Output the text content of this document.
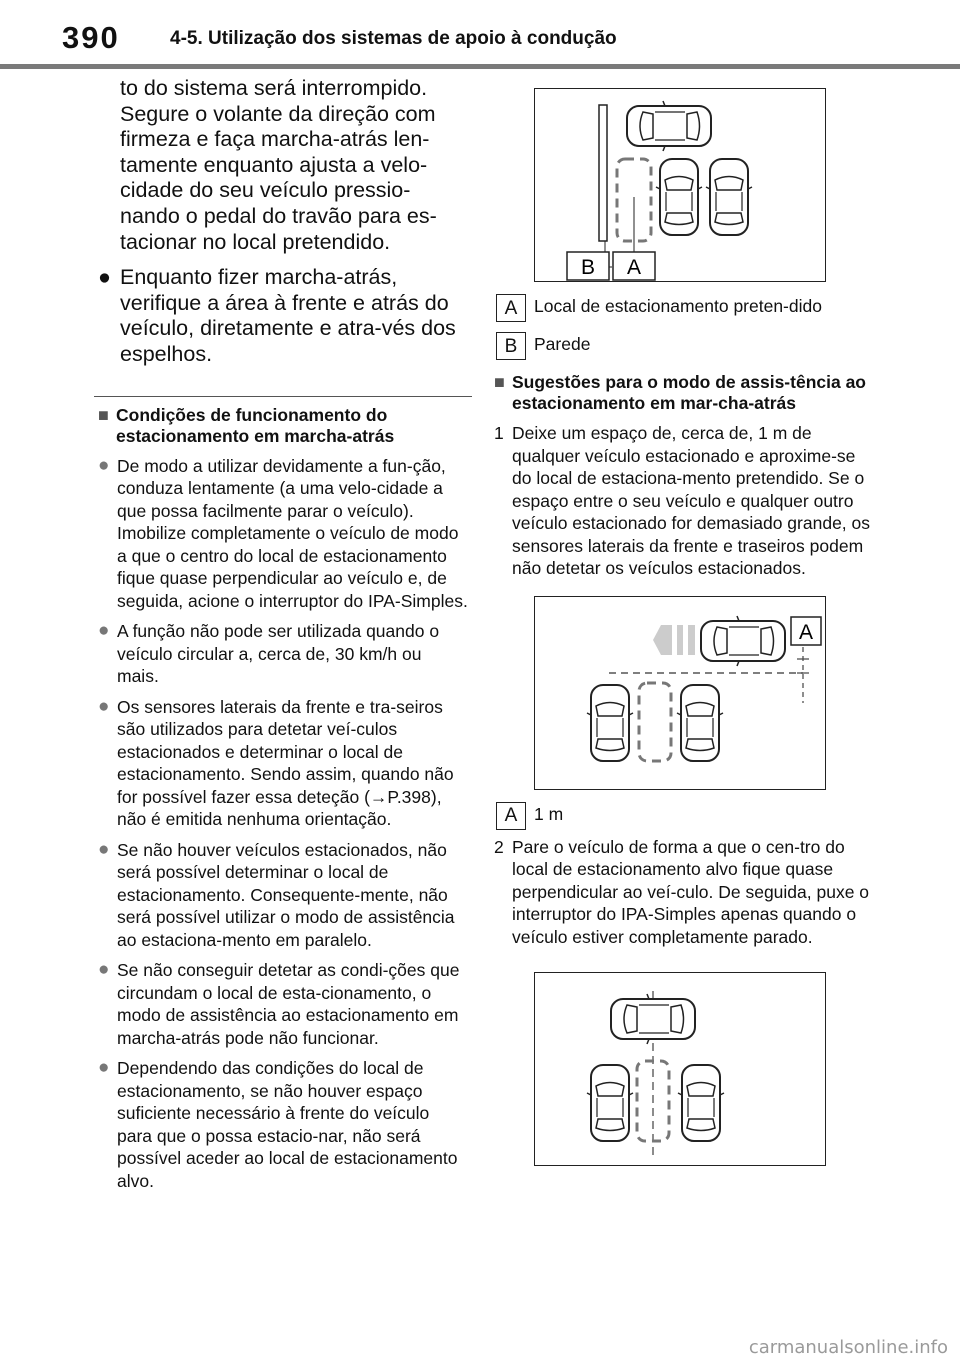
390	4-5. Utilização dos sistemas de apoio à condução

to do sistema será interrompido. Segure o volante da direção com firmeza e faça marcha-atrás len-tamente enquanto ajusta a velo-cidade do seu veículo pressio-nando o pedal do travão para es-tacionar no local pretendido.

● Enquanto fizer marcha-atrás, verifique a área à frente e atrás do veículo, diretamente e atra-vés dos espelhos.
■ Condições de funcionamento do estacionamento em marcha-atrás
● De modo a utilizar devidamente a fun-ção, conduza lentamente (a uma velo-cidade a que possa facilmente parar o veículo). Imobilize completamente o veículo de modo a que o centro do local de estacionamento fique quase perpendicular ao veículo e, de seguida, acione o interruptor do IPA-Simples.
● A função não pode ser utilizada quando o veículo circular a, cerca de, 30 km/h ou mais.
● Os sensores laterais da frente e tra-seiros são utilizados para detetar veí-culos estacionados e determinar o local de estacionamento. Sendo assim, quando não for possível fazer essa deteção (→P.398), não é emitida nenhuma orientação.
● Se não houver veículos estacionados, não será possível determinar o local de estacionamento. Consequente-mente, não será possível utilizar o modo de assistência ao estaciona-mento em paralelo.
● Se não conseguir detetar as condi-ções que circundam o local de esta-cionamento, o modo de assistência ao estacionamento em marcha-atrás pode não funcionar.
● Dependendo das condições do local de estacionamento, se não houver espaço suficiente necessário à frente do veículo para que o possa estacio-nar, não será possível aceder ao local de estacionamento alvo.
B A
A Local de estacionamento preten-dido
B Parede
■ Sugestões para o modo de assis-tência ao estacionamento em mar-cha-atrás
1 Deixe um espaço de, cerca de, 1 m de qualquer veículo estacionado e aproxime-se do local de estaciona-mento pretendido. Se o espaço entre o seu veículo e qualquer outro veículo estacionado for demasiado grande, os sensores laterais da frente e traseiros podem não detetar os veículos estacionados.
A
A 1 m
2 Pare o veículo de forma a que o cen-tro do local de estacionamento alvo fique quase perpendicular ao veí-culo. De seguida, puxe o interruptor do IPA-Simples apenas quando o veículo estiver completamente parado.
carmanualsonline.info
